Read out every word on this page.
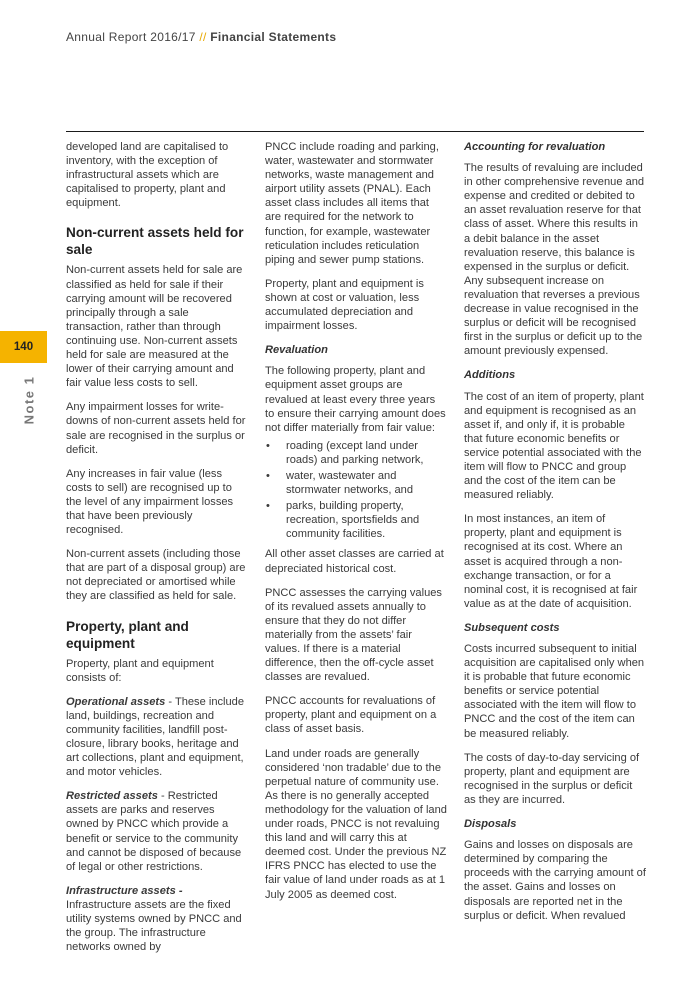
Annual Report 2016/17 // Financial Statements
140
Note 1

developed land are capitalised to inventory, with the exception of infrastructural assets which are capitalised to property, plant and equipment.

Non-current assets held for sale

Non-current assets held for sale are classified as held for sale if their carrying amount will be recovered principally through a sale transaction, rather than through continuing use. Non-current assets held for sale are measured at the lower of their carrying amount and fair value less costs to sell.

Any impairment losses for write-downs of non-current assets held for sale are recognised in the surplus or deficit.

Any increases in fair value (less costs to sell) are recognised up to the level of any impairment losses that have been previously recognised.

Non-current assets (including those that are part of a disposal group) are not depreciated or amortised while they are classified as held for sale.

Property, plant and equipment

Property, plant and equipment consists of:

Operational assets - These include land, buildings, recreation and community facilities, landfill post-closure, library books, heritage and art collections, plant and equipment, and motor vehicles.

Restricted assets - Restricted assets are parks and reserves owned by PNCC which provide a benefit or service to the community and cannot be disposed of because of legal or other restrictions.

Infrastructure assets - Infrastructure assets are the fixed utility systems owned by PNCC and the group. The infrastructure networks owned by

PNCC include roading and parking, water, wastewater and stormwater networks, waste management and airport utility assets (PNAL). Each asset class includes all items that are required for the network to function, for example, wastewater reticulation includes reticulation piping and sewer pump stations.

Property, plant and equipment is shown at cost or valuation, less accumulated depreciation and impairment losses.

Revaluation

The following property, plant and equipment asset groups are revalued at least every three years to ensure their carrying amount does not differ materially from fair value:

• roading (except land under roads) and parking network,
• water, wastewater and stormwater networks, and
• parks, building property, recreation, sportsfields and community facilities.

All other asset classes are carried at depreciated historical cost.

PNCC assesses the carrying values of its revalued assets annually to ensure that they do not differ materially from the assets’ fair values. If there is a material difference, then the off-cycle asset classes are revalued.

PNCC accounts for revaluations of property, plant and equipment on a class of asset basis.

Land under roads are generally considered ‘non tradable’ due to the perpetual nature of community use. As there is no generally accepted methodology for the valuation of land under roads, PNCC is not revaluing this land and will carry this at deemed cost. Under the previous NZ IFRS PNCC has elected to use the fair value of land under roads as at 1 July 2005 as deemed cost.

Accounting for revaluation

The results of revaluing are included in other comprehensive revenue and expense and credited or debited to an asset revaluation reserve for that class of asset. Where this results in a debit balance in the asset revaluation reserve, this balance is expensed in the surplus or deficit. Any subsequent increase on revaluation that reverses a previous decrease in value recognised in the surplus or deficit will be recognised first in the surplus or deficit up to the amount previously expensed.

Additions

The cost of an item of property, plant and equipment is recognised as an asset if, and only if, it is probable that future economic benefits or service potential associated with the item will flow to PNCC and group and the cost of the item can be measured reliably.

In most instances, an item of property, plant and equipment is recognised at its cost. Where an asset is acquired through a non-exchange transaction, or for a nominal cost, it is recognised at fair value as at the date of acquisition.

Subsequent costs

Costs incurred subsequent to initial acquisition are capitalised only when it is probable that future economic benefits or service potential associated with the item will flow to PNCC and the cost of the item can be measured reliably.

The costs of day-to-day servicing of property, plant and equipment are recognised in the surplus or deficit as they are incurred.

Disposals

Gains and losses on disposals are determined by comparing the proceeds with the carrying amount of the asset. Gains and losses on disposals are reported net in the surplus or deficit. When revalued
